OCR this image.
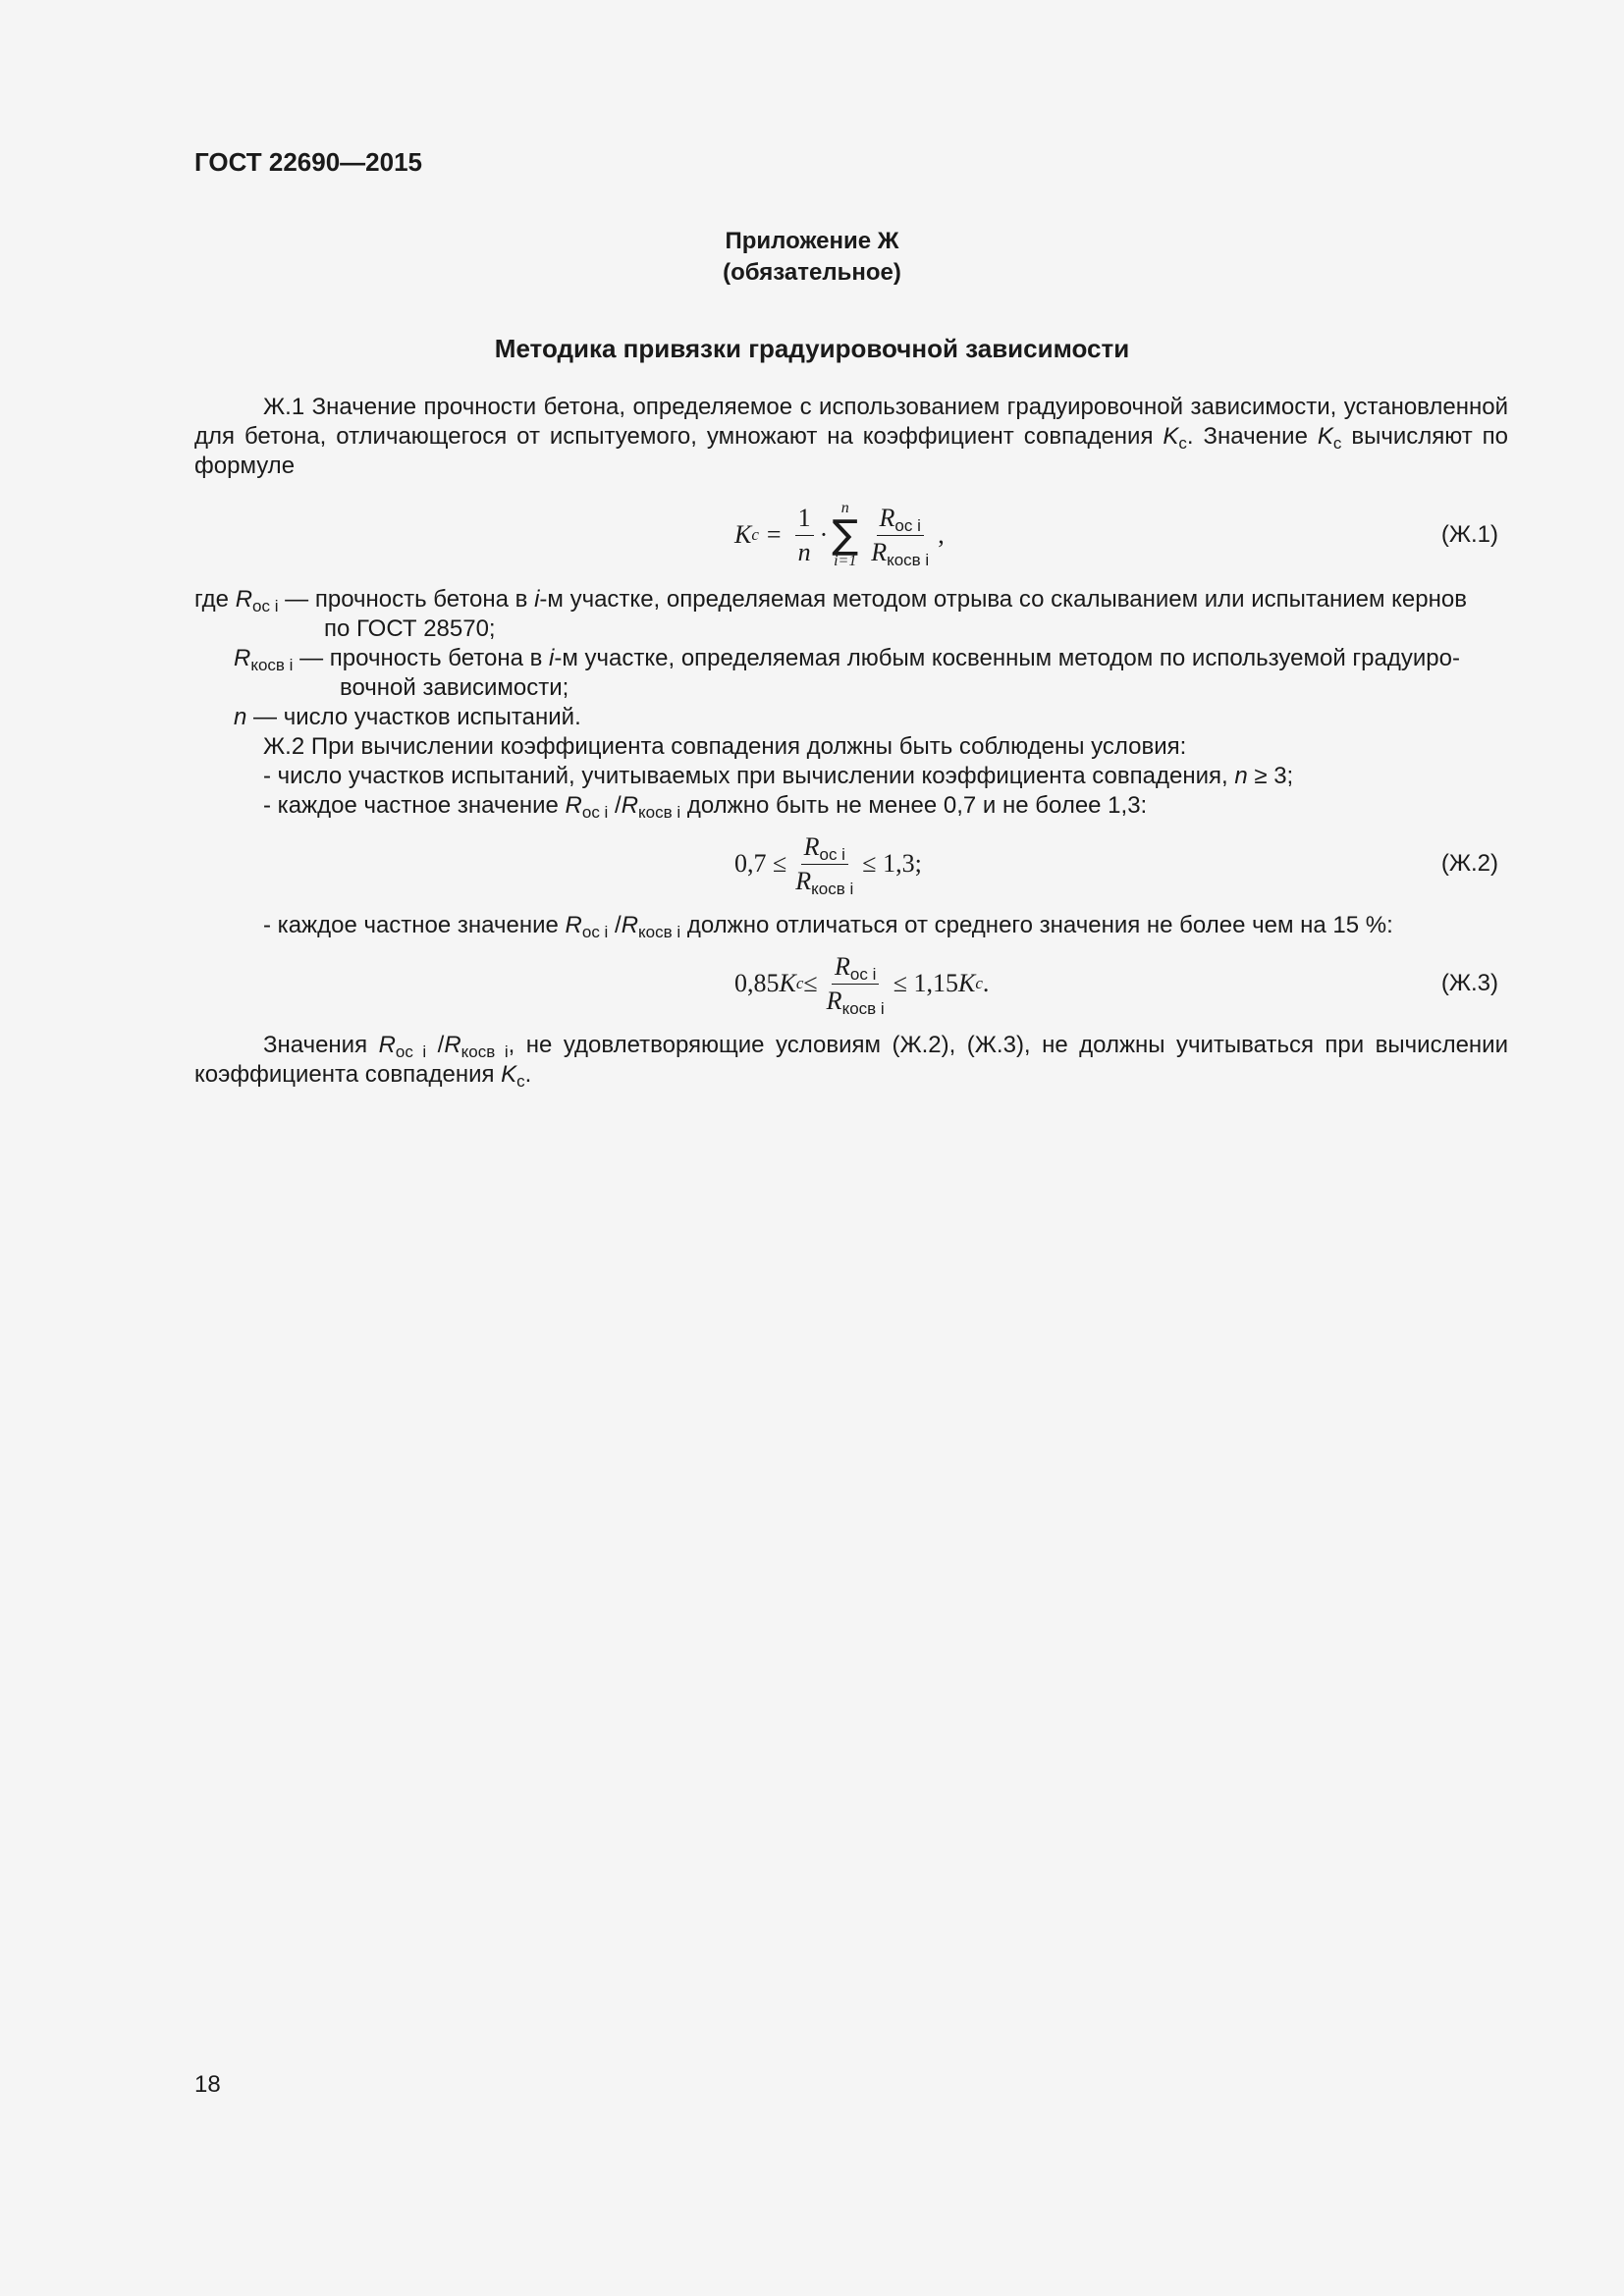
ГОСТ 22690—2015
Приложение Ж
(обязательное)
Методика привязки градуировочной зависимости
Ж.1 Значение прочности бетона, определяемое с использованием градуировочной зависимости, установленной для бетона, отличающегося от испытуемого, умножают на коэффициент совпадения $K_c$. Значение $K_c$ вычисляют по формуле
K $c = \frac{1}{n}$ ·
n
∑
$i=1 \frac{R_{ос i}}{R_{косв i}}$ ,	(Ж.1)
где $R_{ос i}$ — прочность бетона в i-м участке, определяемая методом отрыва со скалыванием или испытанием кернов
по ГОСТ 28570;
$R_{косв i}$ — прочность бетона в i-м участке, определяемая любым косвенным методом по используемой градуиро-
вочной зависимости;
n — число участков испытаний.
Ж.2 При вычислении коэффициента совпадения должны быть соблюдены условия:
- число участков испытаний, учитываемых при вычислении коэффициента совпадения, n ≥ 3;
- каждое частное значение $R_{ос i}$ $/R_{косв i}$ должно быть не менее 0,7 и не более 1,3:
$0,7 \le \frac{R_{ос i}}{R_{косв i}} \le 1,3$;	(Ж.2)
- каждое частное значение $R_{ос i}$ $/R_{косв i}$ должно отличаться от среднего значения не более чем на 15 %:
0,85 K $c \le \frac{R_{ос i}}{R_{косв i}} \le 1,15$ K c .	(Ж.3)
Значения $R_{ос i}$ $/R_{косв i}$, не удовлетворяющие условиям (Ж.2), (Ж.3), не должны учитываться при вычислении коэффициента совпадения $K_c$.
18
